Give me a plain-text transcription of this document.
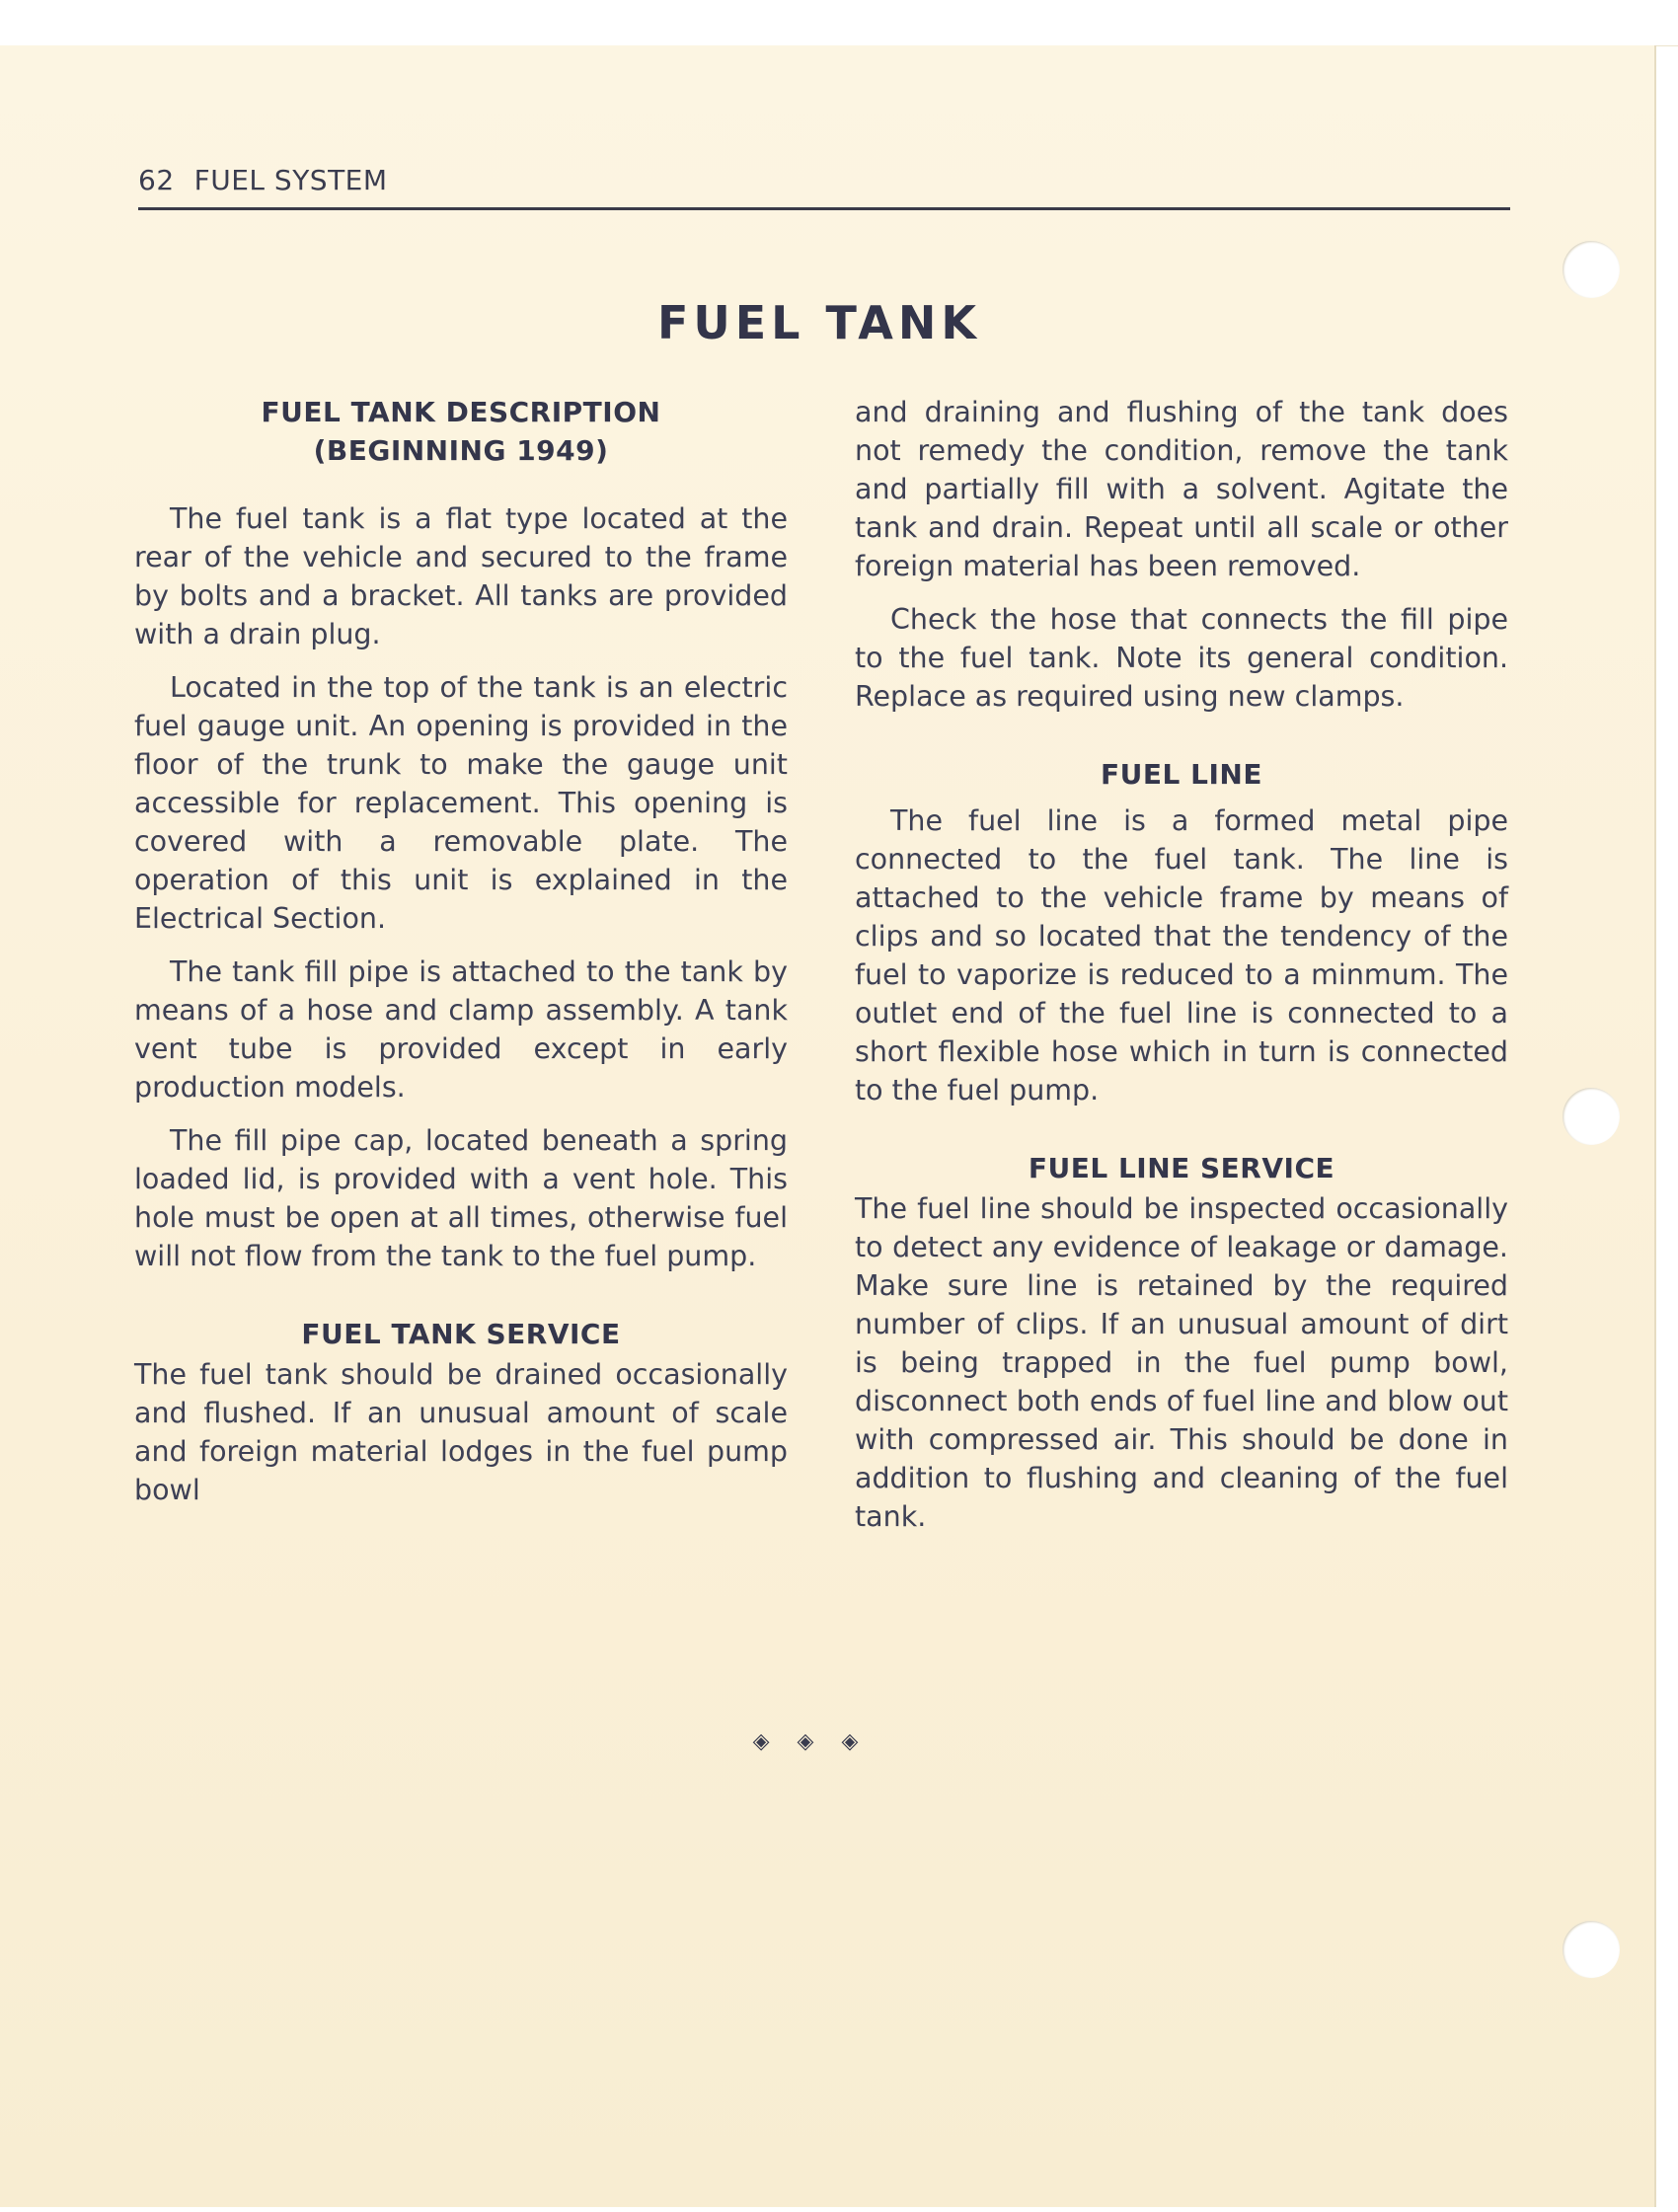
62 FUEL SYSTEM
FUEL TANK
FUEL TANK DESCRIPTION
(BEGINNING 1949)

The fuel tank is a flat type located at the rear of the vehicle and secured to the frame by bolts and a bracket. All tanks are provided with a drain plug.

Located in the top of the tank is an electric fuel gauge unit. An opening is provided in the floor of the trunk to make the gauge unit accessible for replacement. This opening is covered with a removable plate. The operation of this unit is explained in the Electrical Section.

The tank fill pipe is attached to the tank by means of a hose and clamp assembly. A tank vent tube is provided except in early production models.

The fill pipe cap, located beneath a spring loaded lid, is provided with a vent hole. This hole must be open at all times, otherwise fuel will not flow from the tank to the fuel pump.

FUEL TANK SERVICE

The fuel tank should be drained occasionally and flushed. If an unusual amount of scale and foreign material lodges in the fuel pump bowl

and draining and flushing of the tank does not remedy the condition, remove the tank and partially fill with a solvent. Agitate the tank and drain. Repeat until all scale or other foreign material has been removed.

Check the hose that connects the fill pipe to the fuel tank. Note its general condition. Replace as required using new clamps.

FUEL LINE

The fuel line is a formed metal pipe connected to the fuel tank. The line is attached to the vehicle frame by means of clips and so located that the tendency of the fuel to vaporize is reduced to a minmum. The outlet end of the fuel line is connected to a short flexible hose which in turn is connected to the fuel pump.

FUEL LINE SERVICE

The fuel line should be inspected occasionally to detect any evidence of leakage or damage. Make sure line is retained by the required number of clips. If an unusual amount of dirt is being trapped in the fuel pump bowl, disconnect both ends of fuel line and blow out with compressed air. This should be done in addition to flushing and cleaning of the fuel tank.

◈◈◈
